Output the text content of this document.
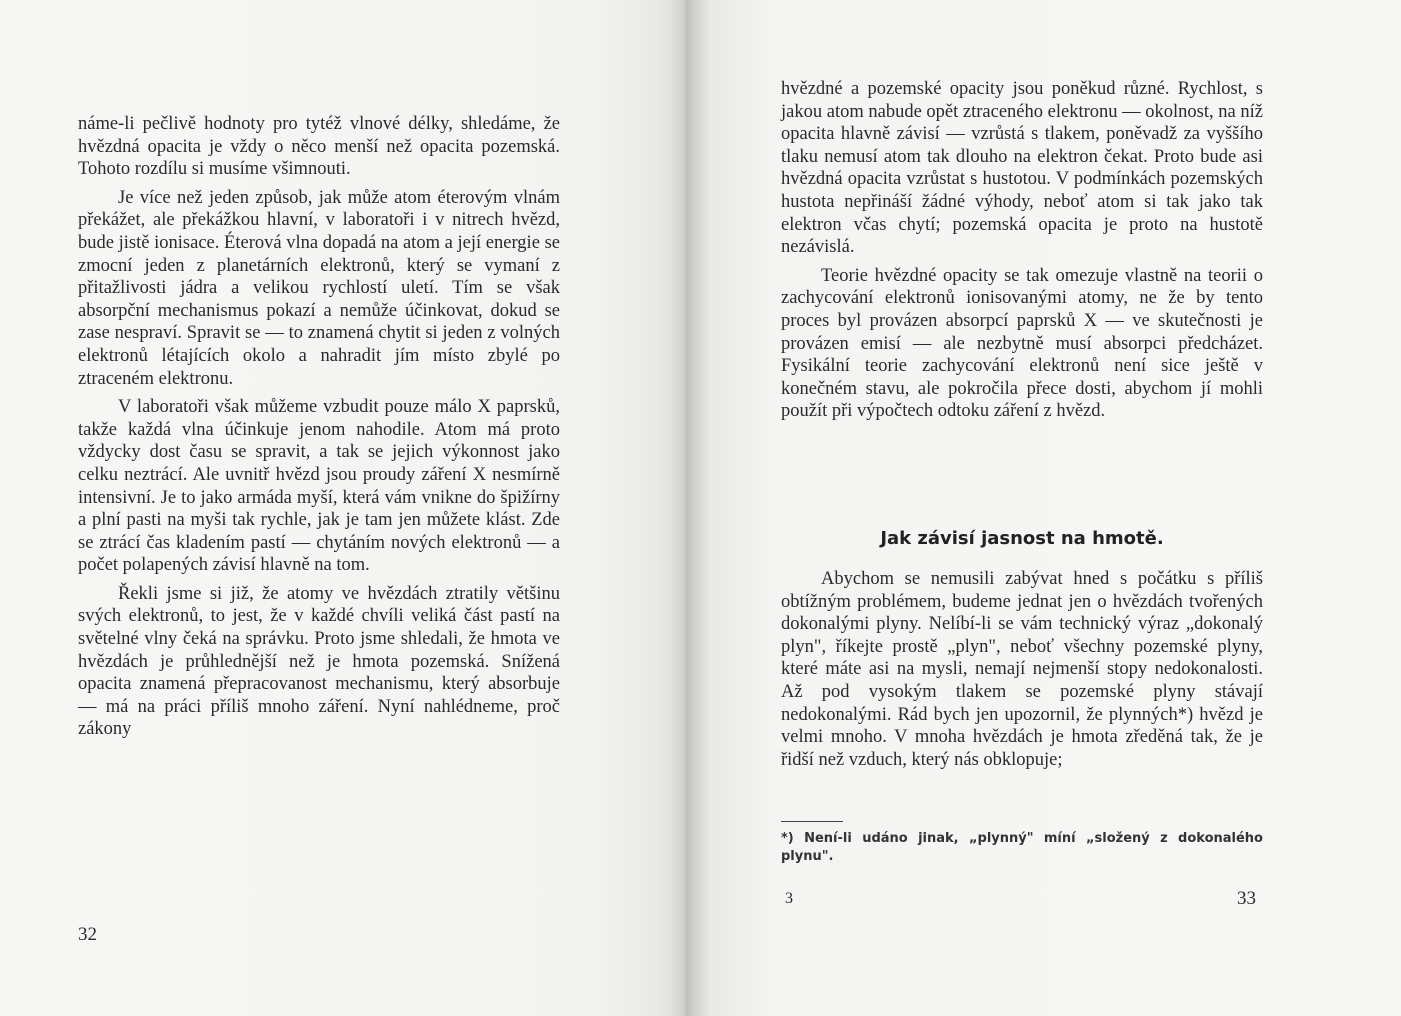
náme-li pečlivě hodnoty pro tytéž vlnové délky, shledáme, že hvězdná opacita je vždy o něco menší než opacita pozemská. Tohoto rozdílu si musíme všimnouti.

Je více než jeden způsob, jak může atom éterovým vlnám překážet, ale překážkou hlavní, v laboratoři i v nitrech hvězd, bude jistě ionisace. Éterová vlna dopadá na atom a její energie se zmocní jeden z planetárních elektronů, který se vymaní z přitažlivosti jádra a velikou rychlostí uletí. Tím se však absorpční mechanismus pokazí a nemůže účinkovat, dokud se zase nespraví. Spravit se — to znamená chytit si jeden z volných elektronů létajících okolo a nahradit jím místo zbylé po ztraceném elektronu.

V laboratoři však můžeme vzbudit pouze málo X paprsků, takže každá vlna účinkuje jenom nahodile. Atom má proto vždycky dost času se spravit, a tak se jejich výkonnost jako celku neztrácí. Ale uvnitř hvězd jsou proudy záření X nesmírně intensivní. Je to jako armáda myší, která vám vnikne do špižírny a plní pasti na myši tak rychle, jak je tam jen můžete klást. Zde se ztrácí čas kladením pastí — chytáním nových elektronů — a počet polapených závisí hlavně na tom.

Řekli jsme si již, že atomy ve hvězdách ztratily většinu svých elektronů, to jest, že v každé chvíli veliká část pastí na světelné vlny čeká na správku. Proto jsme shledali, že hmota ve hvězdách je průhlednější než je hmota pozemská. Snížená opacita znamená přepracovanost mechanismu, který absorbuje — má na práci příliš mnoho záření. Nyní nahlédneme, proč zákony

32

hvězdné a pozemské opacity jsou poněkud různé. Rychlost, s jakou atom nabude opět ztraceného elektronu — okolnost, na níž opacita hlavně závisí — vzrůstá s tlakem, poněvadž za vyššího tlaku nemusí atom tak dlouho na elektron čekat. Proto bude asi hvězdná opacita vzrůstat s hustotou. V podmínkách pozemských hustota nepřináší žádné výhody, neboť atom si tak jako tak elektron včas chytí; pozemská opacita je proto na hustotě nezávislá.

Teorie hvězdné opacity se tak omezuje vlastně na teorii o zachycování elektronů ionisovanými atomy, ne že by tento proces byl provázen absorpcí paprsků X — ve skutečnosti je provázen emisí — ale nezbytně musí absorpci předcházet. Fysikální teorie zachycování elektronů není sice ještě v konečném stavu, ale pokročila přece dosti, abychom jí mohli použít při výpočtech odtoku záření z hvězd.

Jak závisí jasnost na hmotě.

Abychom se nemusili zabývat hned s počátku s příliš obtížným problémem, budeme jednat jen o hvězdách tvořených dokonalými plyny. Nelíbí-li se vám technický výraz „dokonalý plyn", říkejte prostě „plyn", neboť všechny pozemské plyny, které máte asi na mysli, nemají nejmenší stopy nedokonalosti. Až pod vysokým tlakem se pozemské plyny stávají nedokonalými. Rád bych jen upozornil, že plynných*) hvězd je velmi mnoho. V mnoha hvězdách je hmota zředěná tak, že je řidší než vzduch, který nás obklopuje;

*) Není-li udáno jinak, „plynný" míní „složený z dokonalého plynu".
3	33
